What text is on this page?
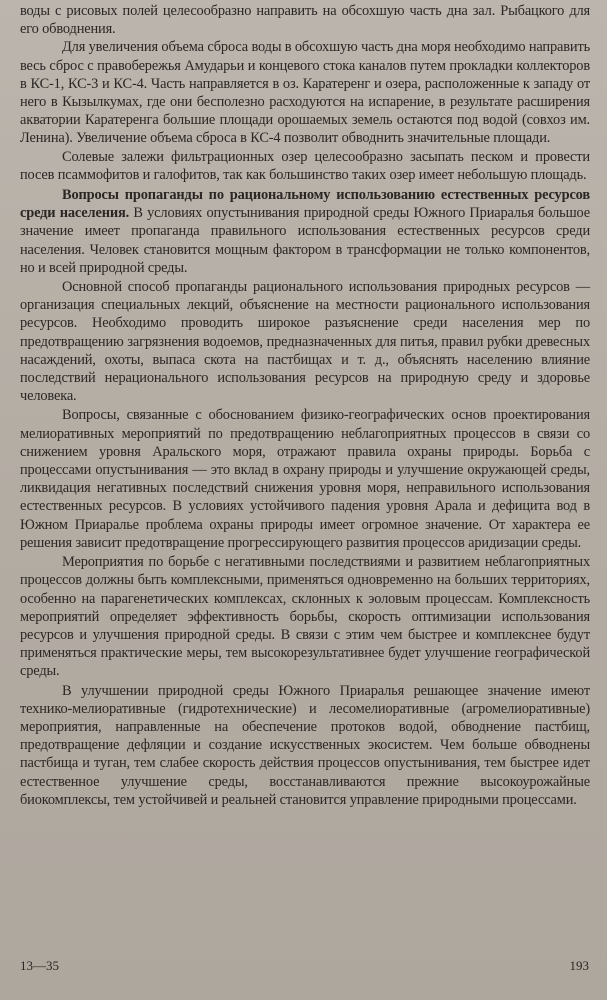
воды с рисовых полей целесообразно направить на обсохшую часть дна зал. Рыбацкого для его обводнения.

Для увеличения объема сброса воды в обсохшую часть дна моря необходимо направить весь сброс с правобережья Амударьи и концевого стока каналов путем прокладки коллекторов в КС-1, КС-3 и КС-4. Часть направляется в оз. Каратеренг и озера, расположенные к западу от него в Кызылкумах, где они бесполезно расходуются на испарение, в результате расширения акватории Каратеренга большие площади орошаемых земель остаются под водой (совхоз им. Ленина). Увеличение объема сброса в КС-4 позволит обводнить значительные площади.

Солевые залежи фильтрационных озер целесообразно засыпать песком и провести посев псаммофитов и галофитов, так как большинство таких озер имеет небольшую площадь.

Вопросы пропаганды по рациональному использованию естественных ресурсов среди населения. В условиях опустынивания природной среды Южного Приаралья большое значение имеет пропаганда правильного использования естественных ресурсов среди населения. Человек становится мощным фактором в трансформации не только компонентов, но и всей природной среды.

Основной способ пропаганды рационального использования природных ресурсов — организация специальных лекций, объяснение на местности рационального использования ресурсов. Необходимо проводить широкое разъяснение среди населения мер по предотвращению загрязнения водоемов, предназначенных для питья, правил рубки древесных насаждений, охоты, выпаса скота на пастбищах и т. д., объяснять населению влияние последствий нерационального использования ресурсов на природную среду и здоровье человека.

Вопросы, связанные с обоснованием физико-географических основ проектирования мелиоративных мероприятий по предотвращению неблагоприятных процессов в связи со снижением уровня Аральского моря, отражают правила охраны природы. Борьба с процессами опустынивания — это вклад в охрану природы и улучшение окружающей среды, ликвидация негативных последствий снижения уровня моря, неправильного использования естественных ресурсов. В условиях устойчивого падения уровня Арала и дефицита вод в Южном Приаралье проблема охраны природы имеет огромное значение. От характера ее решения зависит предотвращение прогрессирующего развития процессов аридизации среды.

Мероприятия по борьбе с негативными последствиями и развитием неблагоприятных процессов должны быть комплексными, применяться одновременно на больших территориях, особенно на парагенетических комплексах, склонных к эоловым процессам. Комплексность мероприятий определяет эффективность борьбы, скорость оптимизации использования ресурсов и улучшения природной среды. В связи с этим чем быстрее и комплекснее будут применяться практические меры, тем высокорезультативнее будет улучшение географической среды.

В улучшении природной среды Южного Приаралья решающее значение имеют технико-мелиоративные (гидротехнические) и лесомелиоративные (агромелиоративные) мероприятия, направленные на обеспечение протоков водой, обводнение пастбищ, предотвращение дефляции и создание искусственных экосистем. Чем больше обводнены пастбища и туган, тем слабее скорость действия процессов опустынивания, тем быстрее идет естественное улучшение среды, восстанавливаются прежние высокоурожайные биокомплексы, тем устойчивей и реальней становится управление природными процессами.

13—35	193
